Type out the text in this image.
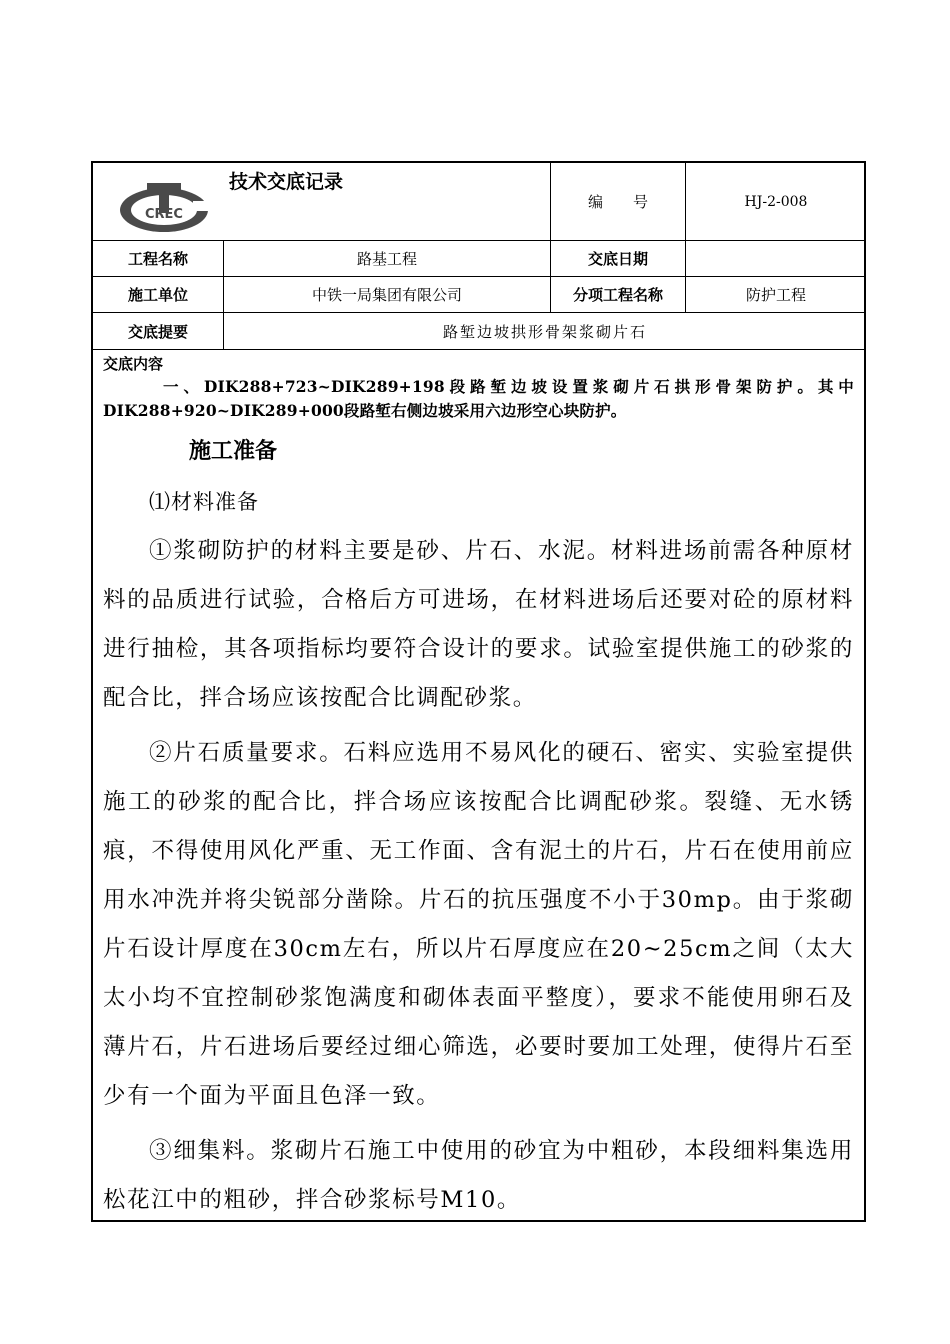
CREC
技术交底记录
编　　号	HJ-2-008
工程名称	路基工程	交底日期
施工单位	中铁一局集团有限公司	分项工程名称	防护工程
交底提要	路堑边坡拱形骨架浆砌片石
交底内容

一、DIK288+723~DIK289+198段路堑边坡设置浆砌片石拱形骨架防护。其中DIK288+920~DIK289+000段路堑右侧边坡采用六边形空心块防护。

施工准备
⑴材料准备

①浆砌防护的材料主要是砂、片石、水泥。材料进场前需各种原材料的品质进行试验，合格后方可进场，在材料进场后还要对砼的原材料进行抽检，其各项指标均要符合设计的要求。试验室提供施工的砂浆的配合比，拌合场应该按配合比调配砂浆。

②片石质量要求。石料应选用不易风化的硬石、密实、实验室提供施工的砂浆的配合比，拌合场应该按配合比调配砂浆。裂缝、无水锈痕，不得使用风化严重、无工作面、含有泥土的片石，片石在使用前应用水冲洗并将尖锐部分凿除。片石的抗压强度不小于30mp。由于浆砌片石设计厚度在30cm左右，所以片石厚度应在20~25cm之间（太大太小均不宜控制砂浆饱满度和砌体表面平整度），要求不能使用卵石及薄片石，片石进场后要经过细心筛选，必要时要加工处理，使得片石至少有一个面为平面且色泽一致。

③细集料。浆砌片石施工中使用的砂宜为中粗砂，本段细料集选用松花江中的粗砂，拌合砂浆标号M10。
